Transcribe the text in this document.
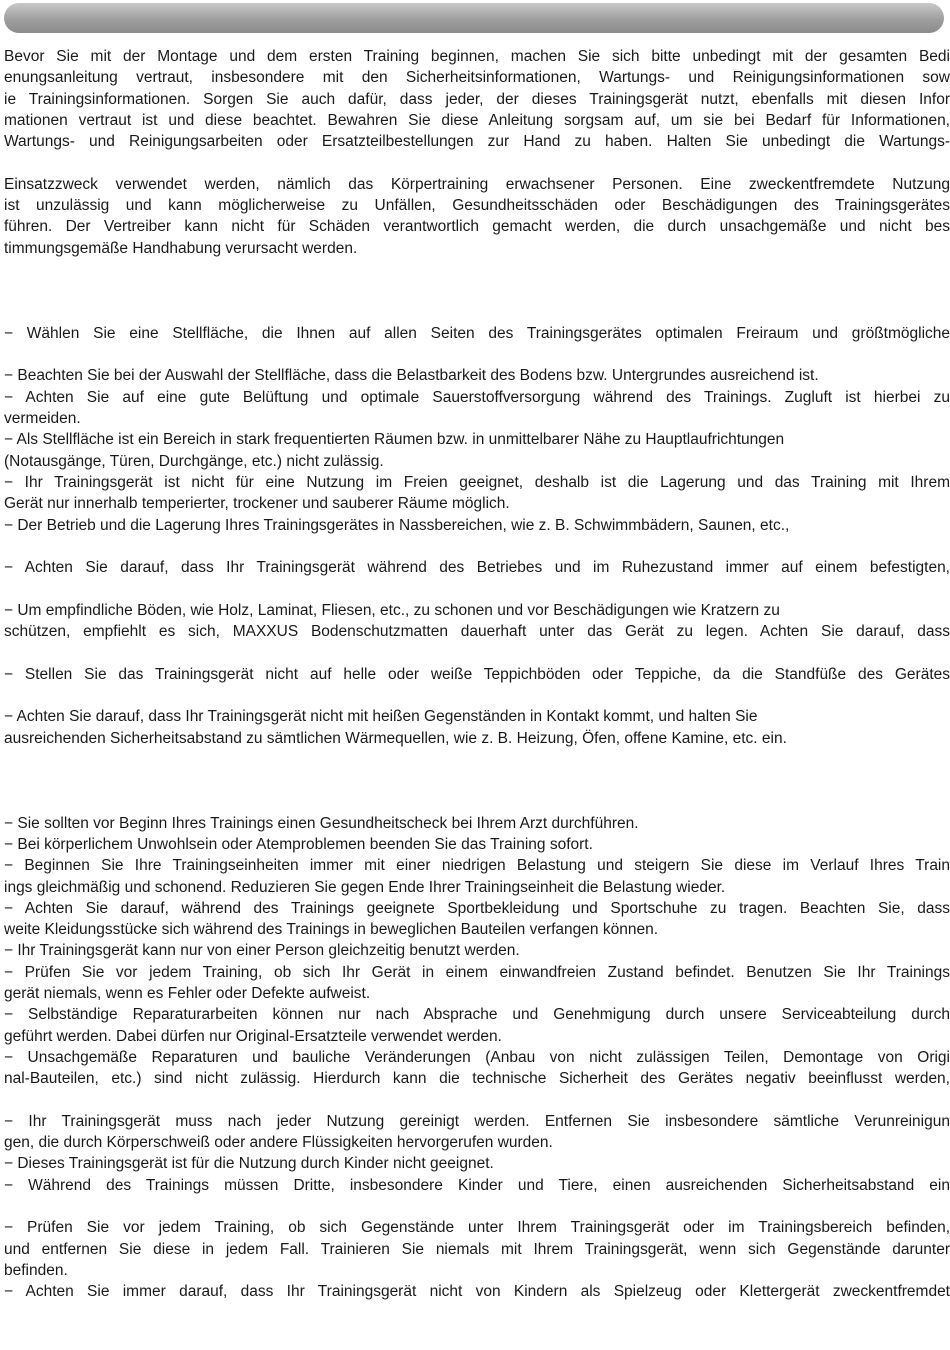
Bevor Sie mit der Montage und dem ersten Training beginnen, machen Sie sich bitte unbedingt mit der gesamten Bedi
enungsanleitung vertraut, insbesondere mit den Sicherheitsinformationen, Wartungs- und Reinigungsinformationen sow
ie Trainingsinformationen. Sorgen Sie auch dafür, dass jeder, der dieses Trainingsgerät nutzt, ebenfalls mit diesen Infor
mationen vertraut ist und diese beachtet. Bewahren Sie diese Anleitung sorgsam auf, um sie bei Bedarf für Informationen,
Wartungs- und Reinigungsarbeiten oder Ersatzteilbestellungen zur Hand zu haben. Halten Sie unbedingt die Wartungs-
Einsatzzweck verwendet werden, nämlich das Körpertraining erwachsener Personen. Eine zweckentfremdete Nutzung
ist unzulässig und kann möglicherweise zu Unfällen, Gesundheitsschäden oder Beschädigungen des Trainingsgerätes
führen. Der Vertreiber kann nicht für Schäden verantwortlich gemacht werden, die durch unsachgemäße und nicht bes
timmungsgemäße Handhabung verursacht werden.
− Wählen Sie eine Stellfläche, die Ihnen auf allen Seiten des Trainingsgerätes optimalen Freiraum und größtmögliche
− Beachten Sie bei der Auswahl der Stellfläche, dass die Belastbarkeit des Bodens bzw. Untergrundes ausreichend ist.
− Achten Sie auf eine gute Belüftung und optimale Sauerstoffversorgung während des Trainings. Zugluft ist hierbei zu
vermeiden.
− Als Stellfläche ist ein Bereich in stark frequentierten Räumen bzw. in unmittelbarer Nähe zu Hauptlaufrichtungen
(Notausgänge, Türen, Durchgänge, etc.) nicht zulässig.
− Ihr Trainingsgerät ist nicht für eine Nutzung im Freien geeignet, deshalb ist die Lagerung und das Training mit Ihrem
Gerät nur innerhalb temperierter, trockener und sauberer Räume möglich.
− Der Betrieb und die Lagerung Ihres Trainingsgerätes in Nassbereichen, wie z. B. Schwimmbädern, Saunen, etc.,
− Achten Sie darauf, dass Ihr Trainingsgerät während des Betriebes und im Ruhezustand immer auf einem befestigten,
− Um empfindliche Böden, wie Holz, Laminat, Fliesen, etc., zu schonen und vor Beschädigungen wie Kratzern zu
schützen, empfiehlt es sich, MAXXUS Bodenschutzmatten dauerhaft unter das Gerät zu legen. Achten Sie darauf, dass
− Stellen Sie das Trainingsgerät nicht auf helle oder weiße Teppichböden oder Teppiche, da die Standfüße des Gerätes
− Achten Sie darauf, dass Ihr Trainingsgerät nicht mit heißen Gegenständen in Kontakt kommt, und halten Sie
ausreichenden Sicherheitsabstand zu sämtlichen Wärmequellen, wie z. B. Heizung, Öfen, offene Kamine, etc. ein.
− Sie sollten vor Beginn Ihres Trainings einen Gesundheitscheck bei Ihrem Arzt durchführen.
− Bei körperlichem Unwohlsein oder Atemproblemen beenden Sie das Training sofort.
− Beginnen Sie Ihre Trainingseinheiten immer mit einer niedrigen Belastung und steigern Sie diese im Verlauf Ihres Train
ings gleichmäßig und schonend. Reduzieren Sie gegen Ende Ihrer Trainingseinheit die Belastung wieder.
− Achten Sie darauf, während des Trainings geeignete Sportbekleidung und Sportschuhe zu tragen. Beachten Sie, dass
weite Kleidungsstücke sich während des Trainings in beweglichen Bauteilen verfangen können.
− Ihr Trainingsgerät kann nur von einer Person gleichzeitig benutzt werden.
− Prüfen Sie vor jedem Training, ob sich Ihr Gerät in einem einwandfreien Zustand befindet. Benutzen Sie Ihr Trainings
gerät niemals, wenn es Fehler oder Defekte aufweist.
− Selbständige Reparaturarbeiten können nur nach Absprache und Genehmigung durch unsere Serviceabteilung durch
geführt werden. Dabei dürfen nur Original-Ersatzteile verwendet werden.
− Unsachgemäße Reparaturen und bauliche Veränderungen (Anbau von nicht zulässigen Teilen, Demontage von Origi
nal-Bauteilen, etc.) sind nicht zulässig. Hierdurch kann die technische Sicherheit des Gerätes negativ beeinflusst werden,
− Ihr Trainingsgerät muss nach jeder Nutzung gereinigt werden. Entfernen Sie insbesondere sämtliche Verunreinigun
gen, die durch Körperschweiß oder andere Flüssigkeiten hervorgerufen wurden.
− Dieses Trainingsgerät ist für die Nutzung durch Kinder nicht geeignet.
− Während des Trainings müssen Dritte, insbesondere Kinder und Tiere, einen ausreichenden Sicherheitsabstand ein
− Prüfen Sie vor jedem Training, ob sich Gegenstände unter Ihrem Trainingsgerät oder im Trainingsbereich befinden,
und entfernen Sie diese in jedem Fall. Trainieren Sie niemals mit Ihrem Trainingsgerät, wenn sich Gegenstände darunter
befinden.
− Achten Sie immer darauf, dass Ihr Trainingsgerät nicht von Kindern als Spielzeug oder Klettergerät zweckentfremdet
